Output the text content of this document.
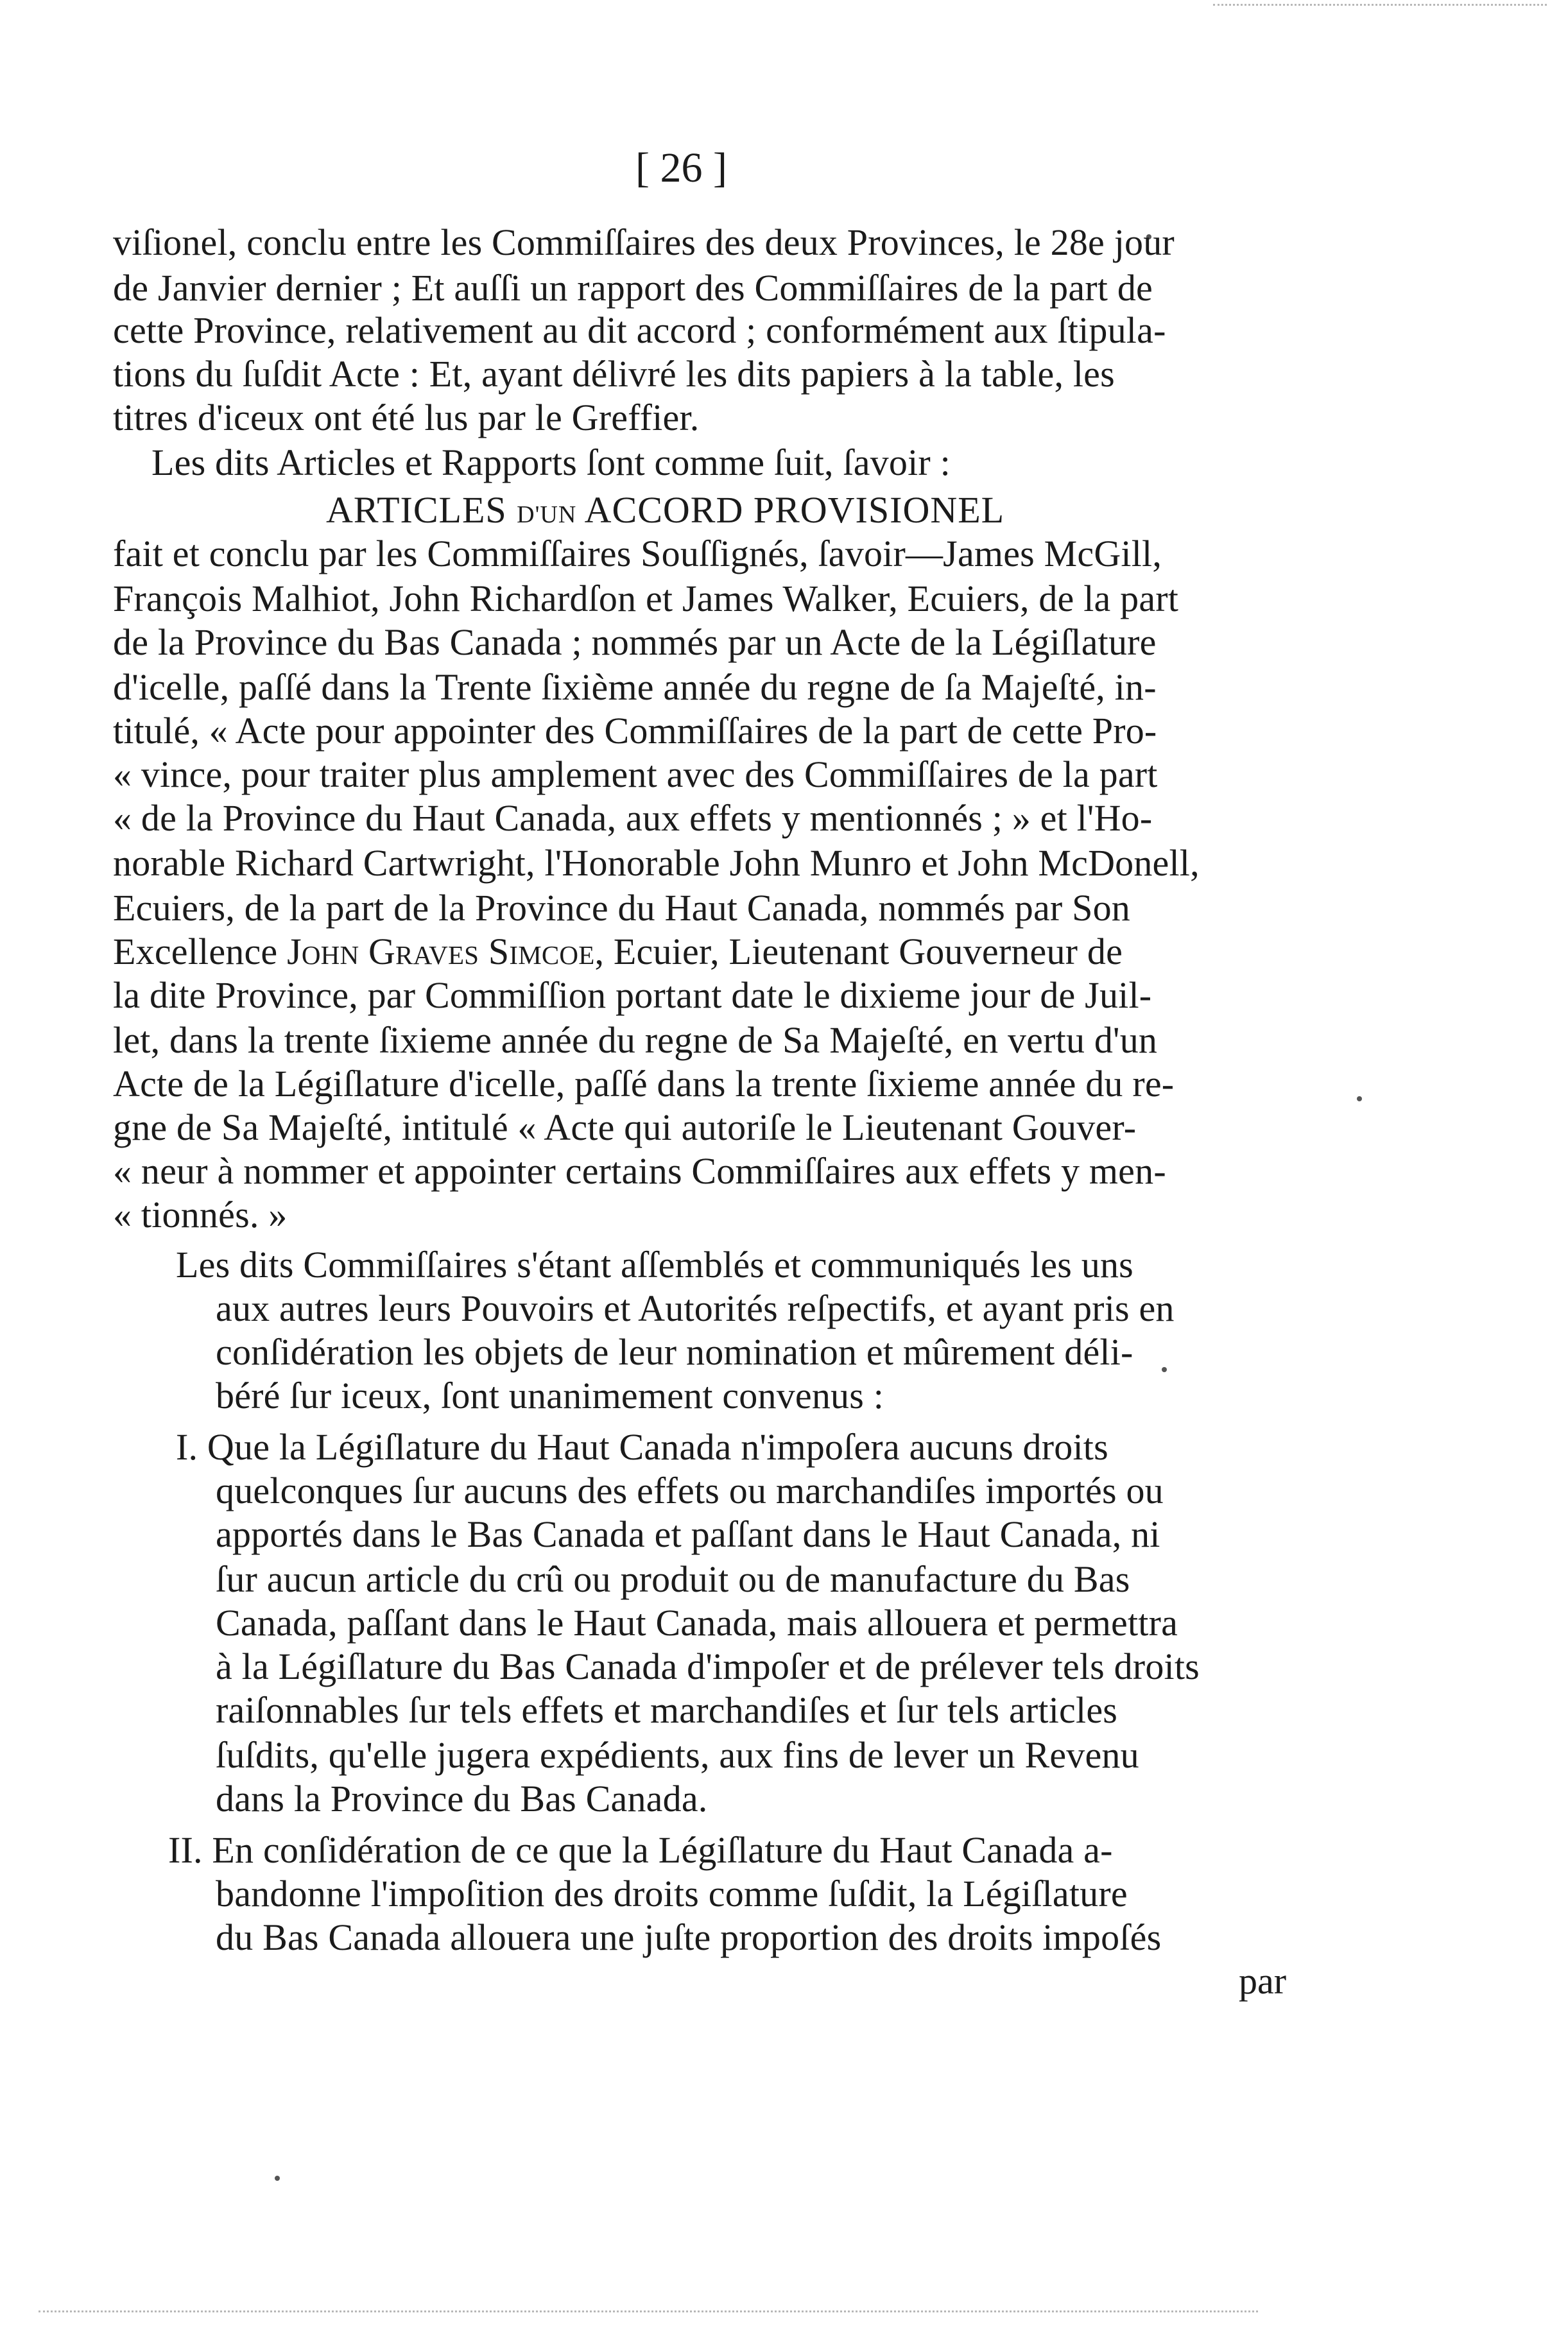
[ 26 ]
viſionel, conclu entre les Commiſſaires des deux Provinces, le 28e jour
de Janvier dernier ; Et auſſi un rapport des Commiſſaires de la part de
cette Province, relativement au dit accord ; conformément aux ſtipula-
tions du ſuſdit Acte : Et, ayant délivré les dits papiers à la table, les
titres d'iceux ont été lus par le Greffier.
Les dits Articles et Rapports ſont comme ſuit, ſavoir :
ARTICLES D'UN ACCORD PROVISIONEL
fait et conclu par les Commiſſaires Souſſignés, ſavoir—James McGill,
François Malhiot, John Richardſon et James Walker, Ecuiers, de la part
de la Province du Bas Canada ; nommés par un Acte de la Légiſlature
d'icelle, paſſé dans la Trente ſixième année du regne de ſa Majeſté, in-
titulé, « Acte pour appointer des Commiſſaires de la part de cette Pro-
« vince, pour traiter plus amplement avec des Commiſſaires de la part
« de la Province du Haut Canada, aux effets y mentionnés ; » et l'Ho-
norable Richard Cartwright, l'Honorable John Munro et John McDonell,
Ecuiers, de la part de la Province du Haut Canada, nommés par Son
Excellence John Graves Simcoe, Ecuier, Lieutenant Gouverneur de
la dite Province, par Commiſſion portant date le dixieme jour de Juil-
let, dans la trente ſixieme année du regne de Sa Majeſté, en vertu d'un
Acte de la Légiſlature d'icelle, paſſé dans la trente ſixieme année du re-
gne de Sa Majeſté, intitulé « Acte qui autoriſe le Lieutenant Gouver-
« neur à nommer et appointer certains Commiſſaires aux effets y men-
« tionnés. »
Les dits Commiſſaires s'étant aſſemblés et communiqués les uns
aux autres leurs Pouvoirs et Autorités reſpectifs, et ayant pris en
conſidération les objets de leur nomination et mûrement déli-
béré ſur iceux, ſont unanimement convenus :
I. Que la Légiſlature du Haut Canada n'impoſera aucuns droits
quelconques ſur aucuns des effets ou marchandiſes importés ou
apportés dans le Bas Canada et paſſant dans le Haut Canada, ni
ſur aucun article du crû ou produit ou de manufacture du Bas
Canada, paſſant dans le Haut Canada, mais allouera et permettra
à la Légiſlature du Bas Canada d'impoſer et de prélever tels droits
raiſonnables ſur tels effets et marchandiſes et ſur tels articles
ſuſdits, qu'elle jugera expédients, aux fins de lever un Revenu
dans la Province du Bas Canada.
II. En conſidération de ce que la Légiſlature du Haut Canada a-
bandonne l'impoſition des droits comme ſuſdit, la Légiſlature
du Bas Canada allouera une juſte proportion des droits impoſés
par
